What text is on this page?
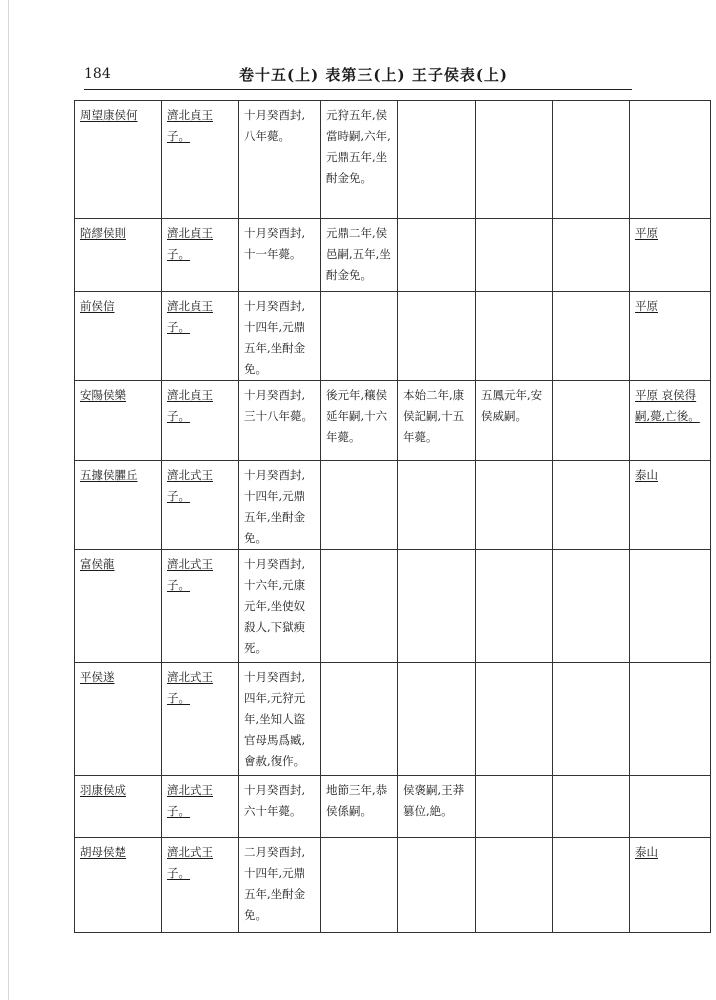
184	卷十五(上) 表第三(上) 王子侯表(上)
周望康侯何	濟北貞王子。	十月癸酉封,八年薨。	元狩五年,侯當時嗣,六年,元鼎五年,坐酎金免。				
陪繆侯則	濟北貞王子。	十月癸酉封,十一年薨。	元鼎二年,侯邑嗣,五年,坐酎金免。				平原
前侯信	濟北貞王子。	十月癸酉封,十四年,元鼎五年,坐酎金免。					平原
安陽侯樂	濟北貞王子。	十月癸酉封,三十八年薨。	後元年,穰侯延年嗣,十六年薨。	本始二年,康侯記嗣,十五年薨。	五鳳元年,安侯威嗣。		平原 哀侯得嗣,薨,亡後。
五據侯臞丘	濟北式王子。	十月癸酉封,十四年,元鼎五年,坐酎金免。					泰山
富侯龍	濟北式王子。	十月癸酉封,十六年,元康元年,坐使奴殺人,下獄瘐死。					
平侯遂	濟北式王子。	十月癸酉封,四年,元狩元年,坐知人盜官母馬爲臧,會赦,復作。					
羽康侯成	濟北式王子。	十月癸酉封,六十年薨。	地節三年,恭侯係嗣。	侯褒嗣,王莽篡位,絶。			
胡母侯楚	濟北式王子。	二月癸酉封,十四年,元鼎五年,坐酎金免。					泰山
